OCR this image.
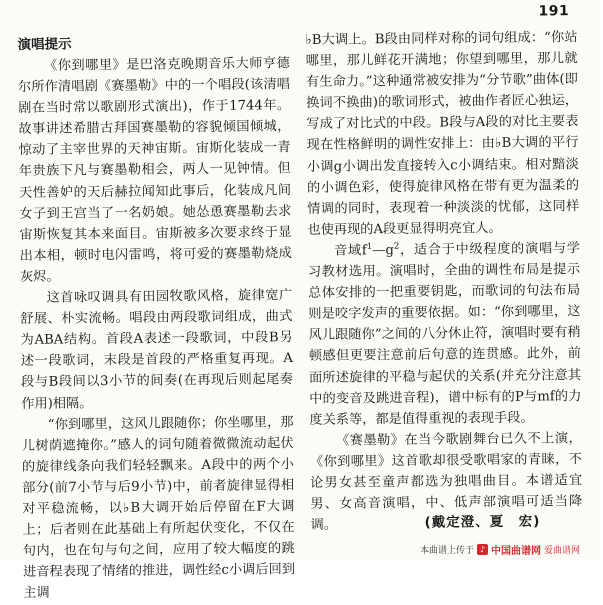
191
演唱提示

《你到哪里》是巴洛克晚期音乐大师亨德尔所作清唱剧《赛墨勒》中的一个唱段(该清唱剧在当时常以歌剧形式演出)，作于1744年。故事讲述希腊古拜国赛墨勒的容貌倾国倾城，惊动了主宰世界的天神宙斯。宙斯化装成一青年贵族下凡与赛墨勒相会，两人一见钟情。但天性善妒的天后赫拉闻知此事后，化装成凡间女子到王宫当了一名奶娘。她怂恿赛墨勒去求宙斯恢复其本来面目。宙斯被多次要求终于显出本相，顿时电闪雷鸣，将可爱的赛墨勒烧成灰烬。

这首咏叹调具有田园牧歌风格，旋律宽广舒展、朴实流畅。唱段由两段歌词组成，曲式为ABA结构。首段A表述一段歌词，中段B另述一段歌词，末段是首段的严格重复再现。A段与B段间以3小节的间奏(在再现后则起尾奏作用)相隔。

“你到哪里，这风儿跟随你；你坐哪里，那儿树荫遮掩你。”感人的词句随着微微流动起伏的旋律线条向我们轻轻飘来。A段中的两个小部分(前7小节与后9小节)中，前者旋律显得相对平稳流畅，以♭B大调开始后停留在F大调上；后者则在此基础上有所起伏变化，不仅在句内，也在句与句之间，应用了较大幅度的跳进音程表现了情绪的推进，调性经c小调后回到主调

♭B大调上。B段由同样对称的词句组成：“你站哪里，那儿鲜花开满地；你望到哪里，那儿就有生命力。”这种通常被安排为“分节歌”曲体(即换词不换曲)的歌词形式，被曲作者匠心独运，写成了对比式的中段。B段与A段的对比主要表现在性格鲜明的调性安排上：由♭B大调的平行小调g小调出发直接转入c小调结束。相对黯淡的小调色彩，使得旋律风格在带有更为温柔的情调的同时，表现着一种淡淡的忧郁，这同样也使再现的A段更显得明亮宜人。

音域$f^1—g^2$，适合于中级程度的演唱与学习教材选用。演唱时，全曲的调性布局是提示总体安排的一把重要钥匙，而歌词的句法布局则是咬字发声的重要依据。如：“你到哪里，这风儿跟随你”之间的八分休止符，演唱时要有稍顿感但更要注意前后句意的连贯感。此外，前面所述旋律的平稳与起伏的关系(并充分注意其中的变音及跳进音程)，谱中标有的P与mf的力度关系等，都是值得重视的表现手段。

《赛墨勒》在当今歌剧舞台已久不上演，《你到哪里》这首歌却很受歌唱家的青睐，不论男女甚至童声都选为独唱曲目。本谱适宜男、女高音演唱，中、低声部演唱可适当降调。	(戴定澄、夏　宏)
本曲谱上传于 ♪ 中国曲谱网 爱曲谱网
